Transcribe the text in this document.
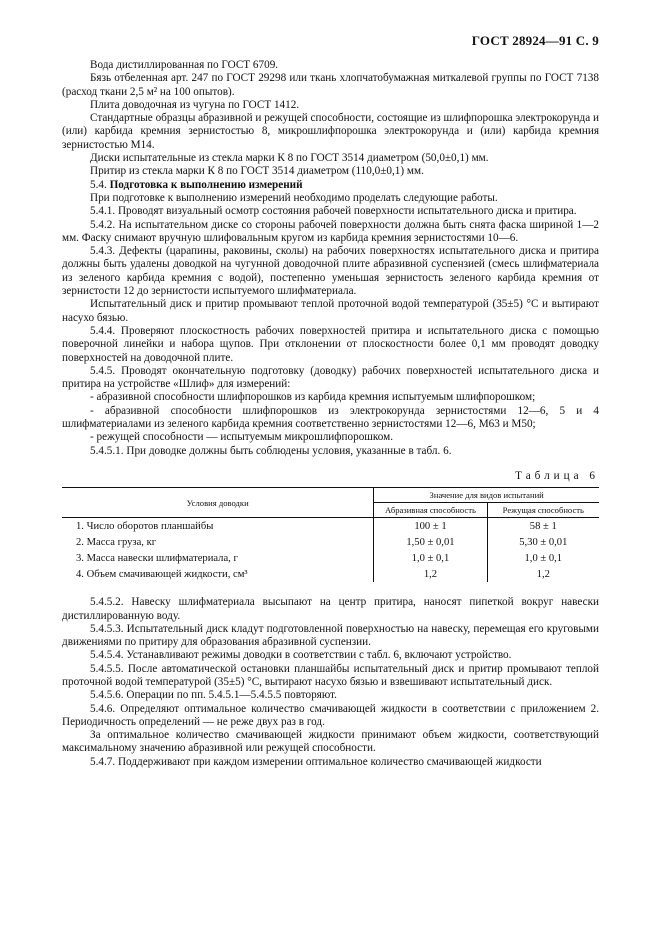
ГОСТ 28924—91 С. 9

Вода дистиллированная по ГОСТ 6709.

Бязь отбеленная арт. 247 по ГОСТ 29298 или ткань хлопчатобумажная миткалевой группы по ГОСТ 7138 (расход ткани 2,5 м² на 100 опытов).

Плита доводочная из чугуна по ГОСТ 1412.

Стандартные образцы абразивной и режущей способности, состоящие из шлифпорошка электрокорунда и (или) карбида кремния зернистостью 8, микрошлифпорошка электрокорунда и (или) карбида кремния зернистостью М14.

Диски испытательные из стекла марки К 8 по ГОСТ 3514 диаметром (50,0±0,1) мм.

Притир из стекла марки К 8 по ГОСТ 3514 диаметром (110,0±0,1) мм.

5.4. Подготовка к выполнению измерений

При подготовке к выполнению измерений необходимо проделать следующие работы.

5.4.1. Проводят визуальный осмотр состояния рабочей поверхности испытательного диска и притира.

5.4.2. На испытательном диске со стороны рабочей поверхности должна быть снята фаска шириной 1—2 мм. Фаску снимают вручную шлифовальным кругом из карбида кремния зернистостями 10—6.

5.4.3. Дефекты (царапины, раковины, сколы) на рабочих поверхностях испытательного диска и притира должны быть удалены доводкой на чугунной доводочной плите абразивной суспензией (смесь шлифматериала из зеленого карбида кремния с водой), постепенно уменьшая зернистость зеленого карбида кремния от зернистости 12 до зернистости испытуемого шлифматериала.

Испытательный диск и притир промывают теплой проточной водой температурой (35±5) °С и вытирают насухо бязью.

5.4.4. Проверяют плоскостность рабочих поверхностей притира и испытательного диска с помощью поверочной линейки и набора щупов. При отклонении от плоскостности более 0,1 мм проводят доводку поверхностей на доводочной плите.

5.4.5. Проводят окончательную подготовку (доводку) рабочих поверхностей испытательного диска и притира на устройстве «Шлиф» для измерений:

- абразивной способности шлифпорошков из карбида кремния испытуемым шлифпорошком;

- абразивной способности шлифпорошков из электрокорунда зернистостями 12—6, 5 и 4 шлифматериалами из зеленого карбида кремния соответственно зернистостями 12—6, М63 и М50;

- режущей способности — испытуемым микрошлифпорошком.

5.4.5.1. При доводке должны быть соблюдены условия, указанные в табл. 6.

Таблица 6
Условия доводки	Значение для видов испытаний	
	Абразивная способность	Режущая способность
1. Число оборотов планшайбы	100 ± 1	58 ± 1
2. Масса груза, кг	1,50 ± 0,01	5,30 ± 0,01
3. Масса навески шлифматериала, г	1,0 ± 0,1	1,0 ± 0,1
4. Объем смачивающей жидкости, см³	1,2	1,2

5.4.5.2. Навеску шлифматериала высыпают на центр притира, наносят пипеткой вокруг навески дистиллированную воду.

5.4.5.3. Испытательный диск кладут подготовленной поверхностью на навеску, перемещая его круговыми движениями по притиру для образования абразивной суспензии.

5.4.5.4. Устанавливают режимы доводки в соответствии с табл. 6, включают устройство.

5.4.5.5. После автоматической остановки планшайбы испытательный диск и притир промывают теплой проточной водой температурой (35±5) °С, вытирают насухо бязью и взвешивают испытательный диск.

5.4.5.6. Операции по пп. 5.4.5.1—5.4.5.5 повторяют.

5.4.6. Определяют оптимальное количество смачивающей жидкости в соответствии с приложением 2. Периодичность определений — не реже двух раз в год.

За оптимальное количество смачивающей жидкости принимают объем жидкости, соответствующий максимальному значению абразивной или режущей способности.

5.4.7. Поддерживают при каждом измерении оптимальное количество смачивающей жидкости
